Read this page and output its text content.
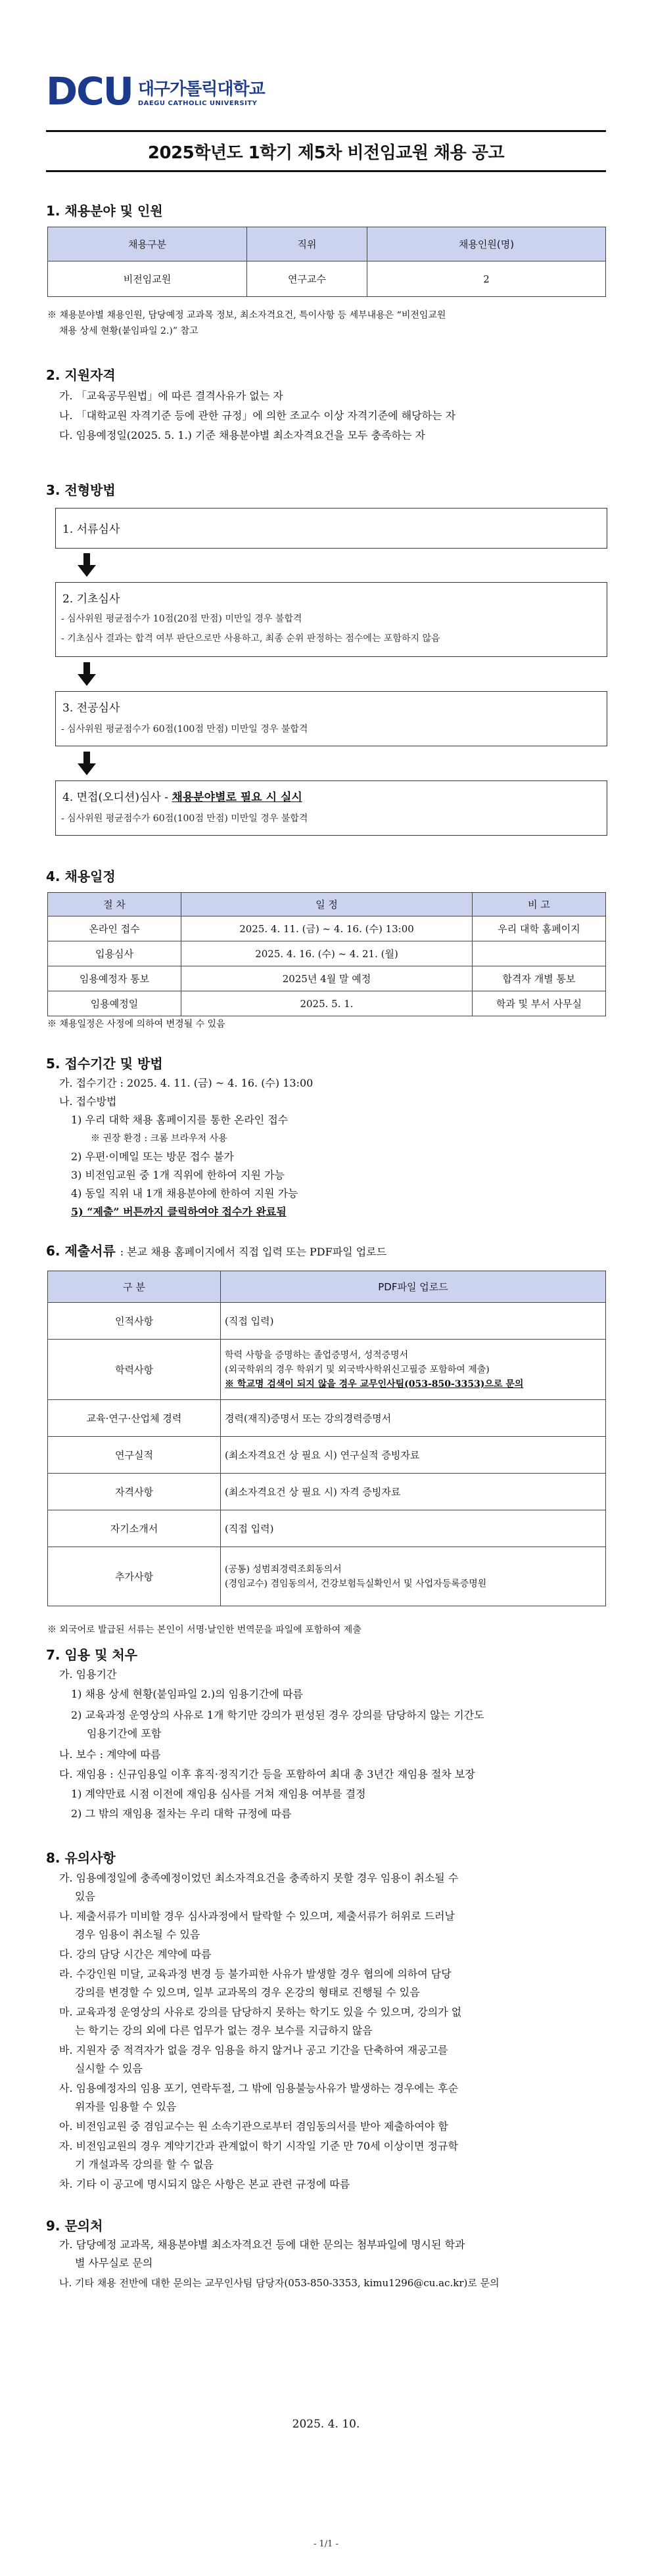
DCU 대구가톨릭대학교
DAEGU CATHOLIC UNIVERSITY
2025학년도 1학기 제5차 비전임교원 채용 공고
1. 채용분야 및 인원
채용구분	직위	채용인원(명)
비전임교원	연구교수	2
※ 채용분야별 채용인원, 담당예정 교과목 정보, 최소자격요건, 특이사항 등 세부내용은 “비전임교원
채용 상세 현황(붙임파일 2.)” 참고
2. 지원자격
가. 「교육공무원법」에 따른 결격사유가 없는 자
나. 「대학교원 자격기준 등에 관한 규정」에 의한 조교수 이상 자격기준에 해당하는 자
다. 임용예정일(2025. 5. 1.) 기준 채용분야별 최소자격요건을 모두 충족하는 자
3. 전형방법
1. 서류심사
2. 기초심사
- 심사위원 평균점수가 10점(20점 만점) 미만일 경우 불합격
- 기초심사 결과는 합격 여부 판단으로만 사용하고, 최종 순위 판정하는 점수에는 포함하지 않음
3. 전공심사
- 심사위원 평균점수가 60점(100점 만점) 미만일 경우 불합격
4. 면접(오디션)심사 - 채용분야별로 필요 시 실시
- 심사위원 평균점수가 60점(100점 만점) 미만일 경우 불합격
4. 채용일정
절 차	일 정	비 고
온라인 접수	2025. 4. 11. (금) ~ 4. 16. (수) 13:00	우리 대학 홈페이지
입용심사	2025. 4. 16. (수) ~ 4. 21. (월)	
임용예정자 통보	2025년 4월 말 예정	합격자 개별 통보
임용예정일	2025. 5. 1.	학과 및 부서 사무실
※ 채용일정은 사정에 의하여 변경될 수 있음
5. 접수기간 및 방법
가. 접수기간 : 2025. 4. 11. (금) ~ 4. 16. (수) 13:00
나. 접수방법
1) 우리 대학 채용 홈페이지를 통한 온라인 접수
※ 권장 환경 : 크롬 브라우저 사용
2) 우편·이메일 또는 방문 접수 불가
3) 비전임교원 중 1개 직위에 한하여 지원 가능
4) 동일 직위 내 1개 채용분야에 한하여 지원 가능
5) “제출” 버튼까지 클릭하여야 접수가 완료됨
6. 제출서류 : 본교 채용 홈페이지에서 직접 입력 또는 PDF파일 업로드
구 분	PDF파일 업로드
인적사항	(직접 입력)
학력사항	학력 사항을 증명하는 졸업증명서, 성적증명서
(외국학위의 경우 학위기 및 외국박사학위신고필증 포함하여 제출)
※ 학교명 검색이 되지 않을 경우 교무인사팀(053-850-3353)으로 문의

교육·연구·산업체 경력	경력(재직)증명서 또는 강의경력증명서
연구실적	(최소자격요건 상 필요 시) 연구실적 증빙자료
자격사항	(최소자격요건 상 필요 시) 자격 증빙자료
자기소개서	(직접 입력)
추가사항	(공통) 성범죄경력조회동의서
(경임교수) 겸임동의서, 건강보험득실확인서 및 사업자등록증명원
※ 외국어로 발급된 서류는 본인이 서명·날인한 번역문을 파일에 포함하여 제출
7. 임용 및 처우
가. 임용기간
1) 채용 상세 현황(붙임파일 2.)의 임용기간에 따름
2) 교육과정 운영상의 사유로 1개 학기만 강의가 편성된 경우 강의를 담당하지 않는 기간도
임용기간에 포함
나. 보수 : 계약에 따름
다. 재임용 : 신규임용일 이후 휴직·정직기간 등을 포함하여 최대 총 3년간 재임용 절차 보장
1) 계약만료 시점 이전에 재임용 심사를 거쳐 재임용 여부를 결정
2) 그 밖의 재임용 절차는 우리 대학 규정에 따름
8. 유의사항
가. 임용예정일에 충족예정이었던 최소자격요건을 충족하지 못할 경우 임용이 취소될 수
있음
나. 제출서류가 미비할 경우 심사과정에서 탈락할 수 있으며, 제출서류가 허위로 드러날
경우 임용이 취소될 수 있음
다. 강의 담당 시간은 계약에 따름
라. 수강인원 미달, 교육과정 변경 등 불가피한 사유가 발생할 경우 협의에 의하여 담당
강의를 변경할 수 있으며, 일부 교과목의 경우 온강의 형태로 진행될 수 있음
마. 교육과정 운영상의 사유로 강의를 담당하지 못하는 학기도 있을 수 있으며, 강의가 없
는 학기는 강의 외에 다른 업무가 없는 경우 보수를 지급하지 않음
바. 지원자 중 적격자가 없을 경우 임용을 하지 않거나 공고 기간을 단축하여 재공고를
실시할 수 있음
사. 임용예정자의 임용 포기, 연락두절, 그 밖에 임용불능사유가 발생하는 경우에는 후순
위자를 임용할 수 있음
아. 비전임교원 중 겸임교수는 원 소속기관으로부터 겸임동의서를 받아 제출하여야 함
자. 비전임교원의 경우 계약기간과 관계없이 학기 시작일 기준 만 70세 이상이면 정규학
기 개설과목 강의를 할 수 없음
차. 기타 이 공고에 명시되지 않은 사항은 본교 관련 규정에 따름
9. 문의처
가. 담당예정 교과목, 채용분야별 최소자격요건 등에 대한 문의는 첨부파일에 명시된 학과
별 사무실로 문의
나. 기타 채용 전반에 대한 문의는 교무인사팀 담당자(053-850-3353, kimu1296@cu.ac.kr)로 문의
2025. 4. 10.
- 1/1 -
